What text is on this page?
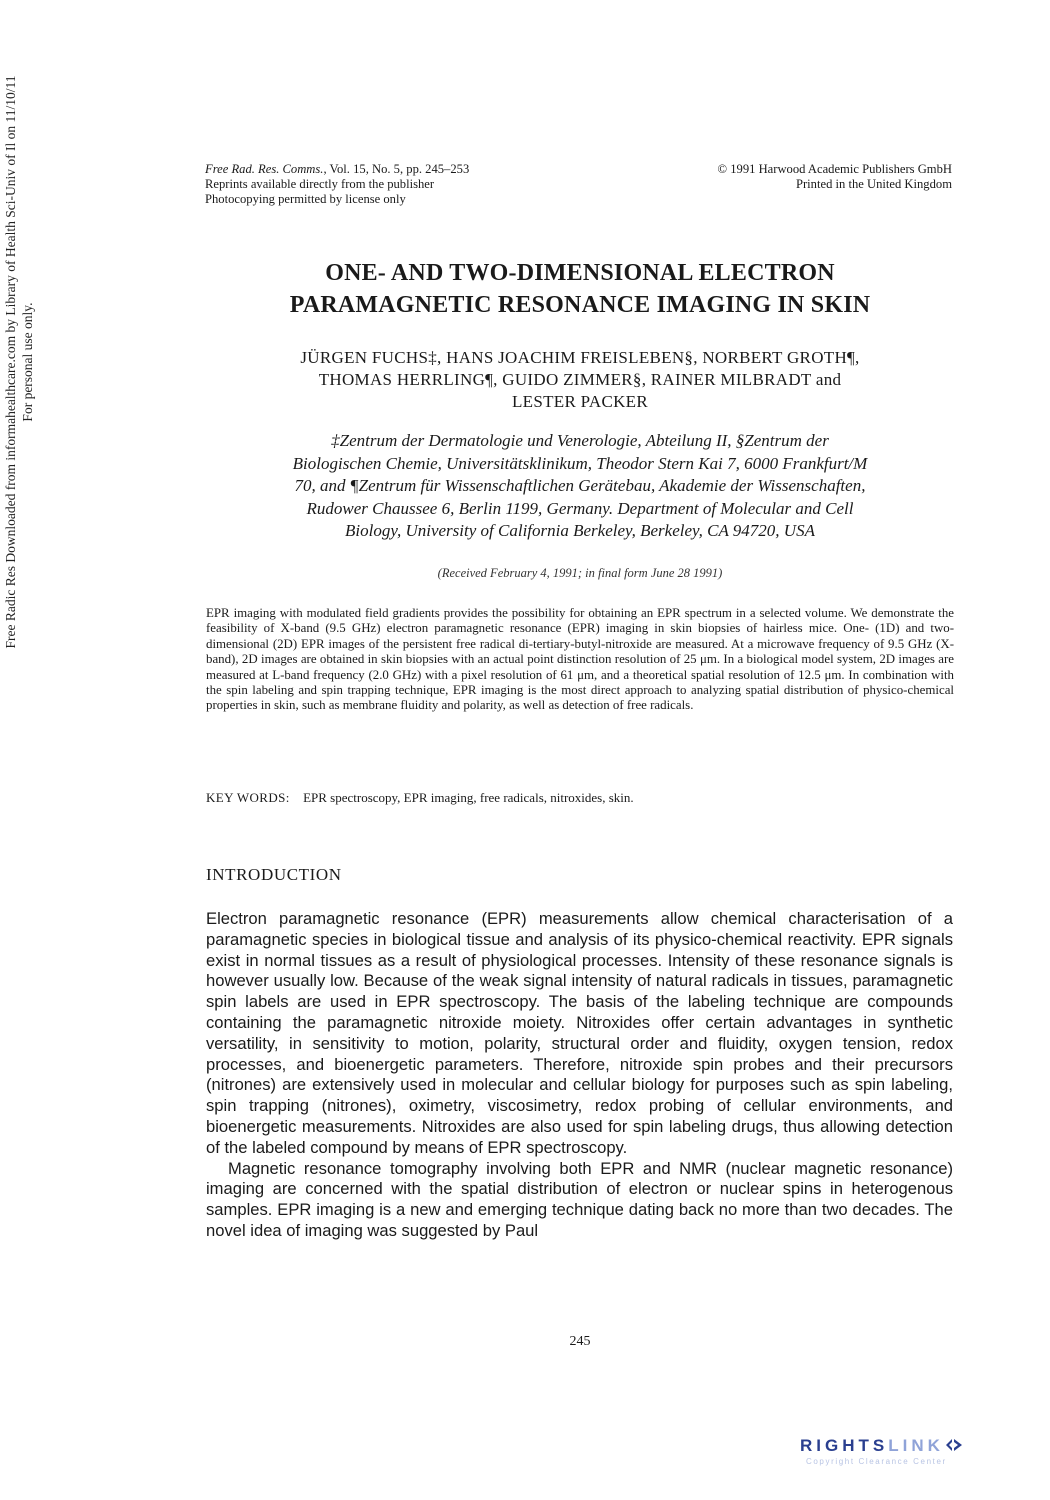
Free Radic Res Downloaded from informahealthcare.com by Library of Health Sci-Univ of Il on 11/10/11 For personal use only.
Free Rad. Res. Comms., Vol. 15, No. 5, pp. 245–253
Reprints available directly from the publisher
Photocopying permitted by license only
© 1991 Harwood Academic Publishers GmbH
Printed in the United Kingdom
ONE- AND TWO-DIMENSIONAL ELECTRON
PARAMAGNETIC RESONANCE IMAGING IN SKIN
JÜRGEN FUCHS‡, HANS JOACHIM FREISLEBEN§, NORBERT GROTH¶,
THOMAS HERRLING¶, GUIDO ZIMMER§, RAINER MILBRADT and
LESTER PACKER
‡Zentrum der Dermatologie und Venerologie, Abteilung II, §Zentrum der
Biologischen Chemie, Universitätsklinikum, Theodor Stern Kai 7, 6000 Frankfurt/M
70, and ¶Zentrum für Wissenschaftlichen Gerätebau, Akademie der Wissenschaften,
Rudower Chaussee 6, Berlin 1199, Germany. Department of Molecular and Cell
Biology, University of California Berkeley, Berkeley, CA 94720, USA
(Received February 4, 1991; in final form June 28 1991)
EPR imaging with modulated field gradients provides the possibility for obtaining an EPR spectrum in a selected volume. We demonstrate the feasibility of X-band (9.5 GHz) electron paramagnetic resonance (EPR) imaging in skin biopsies of hairless mice. One- (1D) and two-dimensional (2D) EPR images of the persistent free radical di-tertiary-butyl-nitroxide are measured. At a microwave frequency of 9.5 GHz (X-band), 2D images are obtained in skin biopsies with an actual point distinction resolution of 25 μm. In a biological model system, 2D images are measured at L-band frequency (2.0 GHz) with a pixel resolution of 61 μm, and a theoretical spatial resolution of 12.5 μm. In combination with the spin labeling and spin trapping technique, EPR imaging is the most direct approach to analyzing spatial distribution of physico-chemical properties in skin, such as membrane fluidity and polarity, as well as detection of free radicals.
KEY WORDS: EPR spectroscopy, EPR imaging, free radicals, nitroxides, skin.
INTRODUCTION

Electron paramagnetic resonance (EPR) measurements allow chemical characterisation of a paramagnetic species in biological tissue and analysis of its physico-chemical reactivity. EPR signals exist in normal tissues as a result of physiological processes. Intensity of these resonance signals is however usually low. Because of the weak signal intensity of natural radicals in tissues, paramagnetic spin labels are used in EPR spectroscopy. The basis of the labeling technique are compounds containing the paramagnetic nitroxide moiety. Nitroxides offer certain advantages in synthetic versatility, in sensitivity to motion, polarity, structural order and fluidity, oxygen tension, redox processes, and bioenergetic parameters. Therefore, nitroxide spin probes and their precursors (nitrones) are extensively used in molecular and cellular biology for purposes such as spin labeling, spin trapping (nitrones), oximetry, viscosimetry, redox probing of cellular environments, and bioenergetic measurements. Nitroxides are also used for spin labeling drugs, thus allowing detection of the labeled compound by means of EPR spectroscopy.

Magnetic resonance tomography involving both EPR and NMR (nuclear magnetic resonance) imaging are concerned with the spatial distribution of electron or nuclear spins in heterogenous samples. EPR imaging is a new and emerging technique dating back no more than two decades. The novel idea of imaging was suggested by Paul

245
RIGHTSLINK
Copyright Clearance Center
